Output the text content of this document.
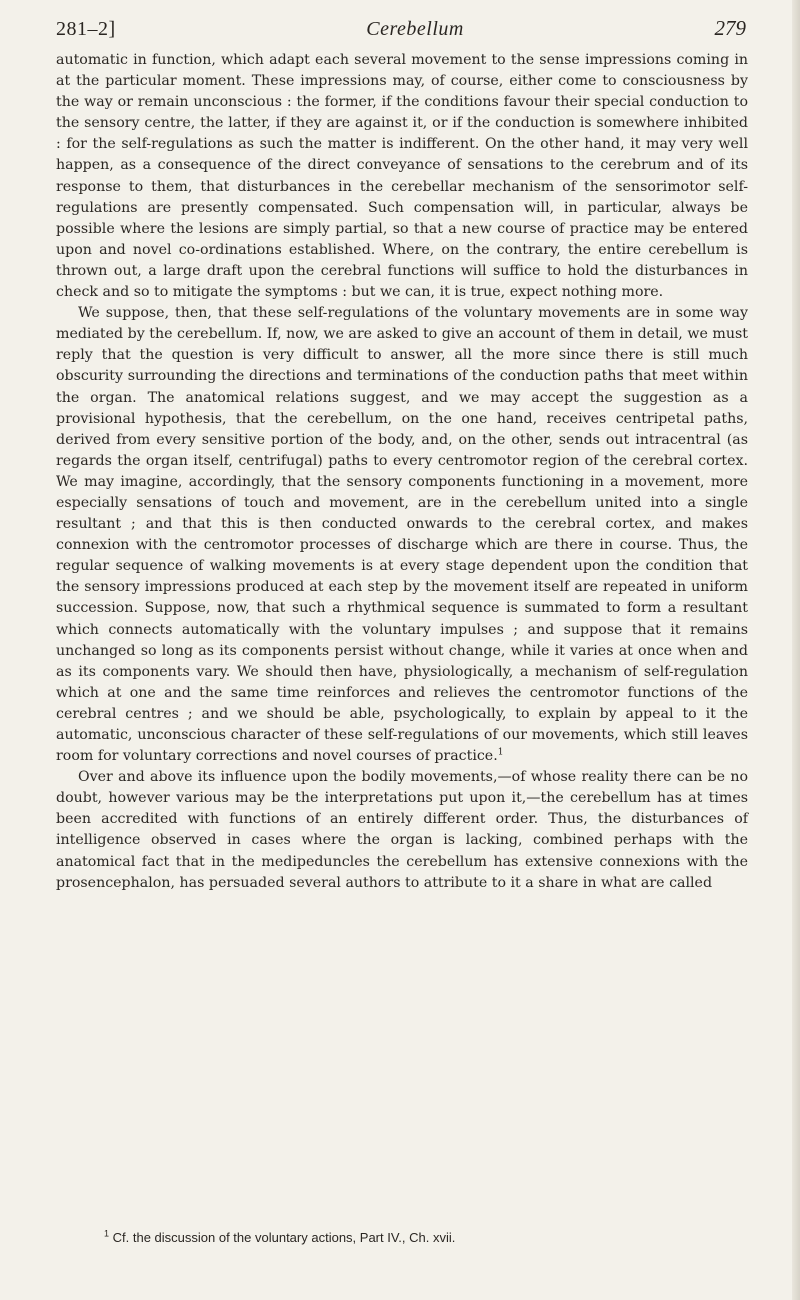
281–2]	Cerebellum	279

automatic in function, which adapt each several movement to the sense impressions coming in at the particular moment. These impressions may, of course, either come to consciousness by the way or remain unconscious : the former, if the conditions favour their special conduction to the sensory centre, the latter, if they are against it, or if the conduction is somewhere inhibited : for the self-regulations as such the matter is indifferent. On the other hand, it may very well happen, as a consequence of the direct conveyance of sensations to the cerebrum and of its response to them, that disturbances in the cerebellar mechanism of the sensorimotor self-regulations are presently compensated. Such compensation will, in particular, always be possible where the lesions are simply partial, so that a new course of practice may be entered upon and novel co-ordinations established. Where, on the contrary, the entire cerebellum is thrown out, a large draft upon the cerebral functions will suffice to hold the disturbances in check and so to mitigate the symptoms : but we can, it is true, expect nothing more.

We suppose, then, that these self-regulations of the voluntary movements are in some way mediated by the cerebellum. If, now, we are asked to give an account of them in detail, we must reply that the question is very difficult to answer, all the more since there is still much obscurity surrounding the directions and terminations of the conduction paths that meet within the organ. The anatomical relations suggest, and we may accept the suggestion as a provisional hypothesis, that the cerebellum, on the one hand, receives centripetal paths, derived from every sensitive portion of the body, and, on the other, sends out intracentral (as regards the organ itself, centrifugal) paths to every centromotor region of the cerebral cortex. We may imagine, accordingly, that the sensory components functioning in a movement, more especially sensations of touch and movement, are in the cerebellum united into a single resultant ; and that this is then conducted onwards to the cerebral cortex, and makes connexion with the centromotor processes of discharge which are there in course. Thus, the regular sequence of walking movements is at every stage dependent upon the condition that the sensory impressions produced at each step by the movement itself are repeated in uniform succession. Suppose, now, that such a rhythmical sequence is summated to form a resultant which connects automatically with the voluntary impulses ; and suppose that it remains unchanged so long as its components persist without change, while it varies at once when and as its components vary. We should then have, physiologically, a mechanism of self-regulation which at one and the same time reinforces and relieves the centromotor functions of the cerebral centres ; and we should be able, psychologically, to explain by appeal to it the automatic, unconscious character of these self-regulations of our movements, which still leaves room for voluntary corrections and novel courses of practice.$^1$

Over and above its influence upon the bodily movements,—of whose reality there can be no doubt, however various may be the interpretations put upon it,—the cerebellum has at times been accredited with functions of an entirely different order. Thus, the disturbances of intelligence observed in cases where the organ is lacking, combined perhaps with the anatomical fact that in the medipeduncles the cerebellum has extensive connexions with the prosencephalon, has persuaded several authors to attribute to it a share in what are called

$^1$ Cf. the discussion of the voluntary actions, Part IV., Ch. xvii.
